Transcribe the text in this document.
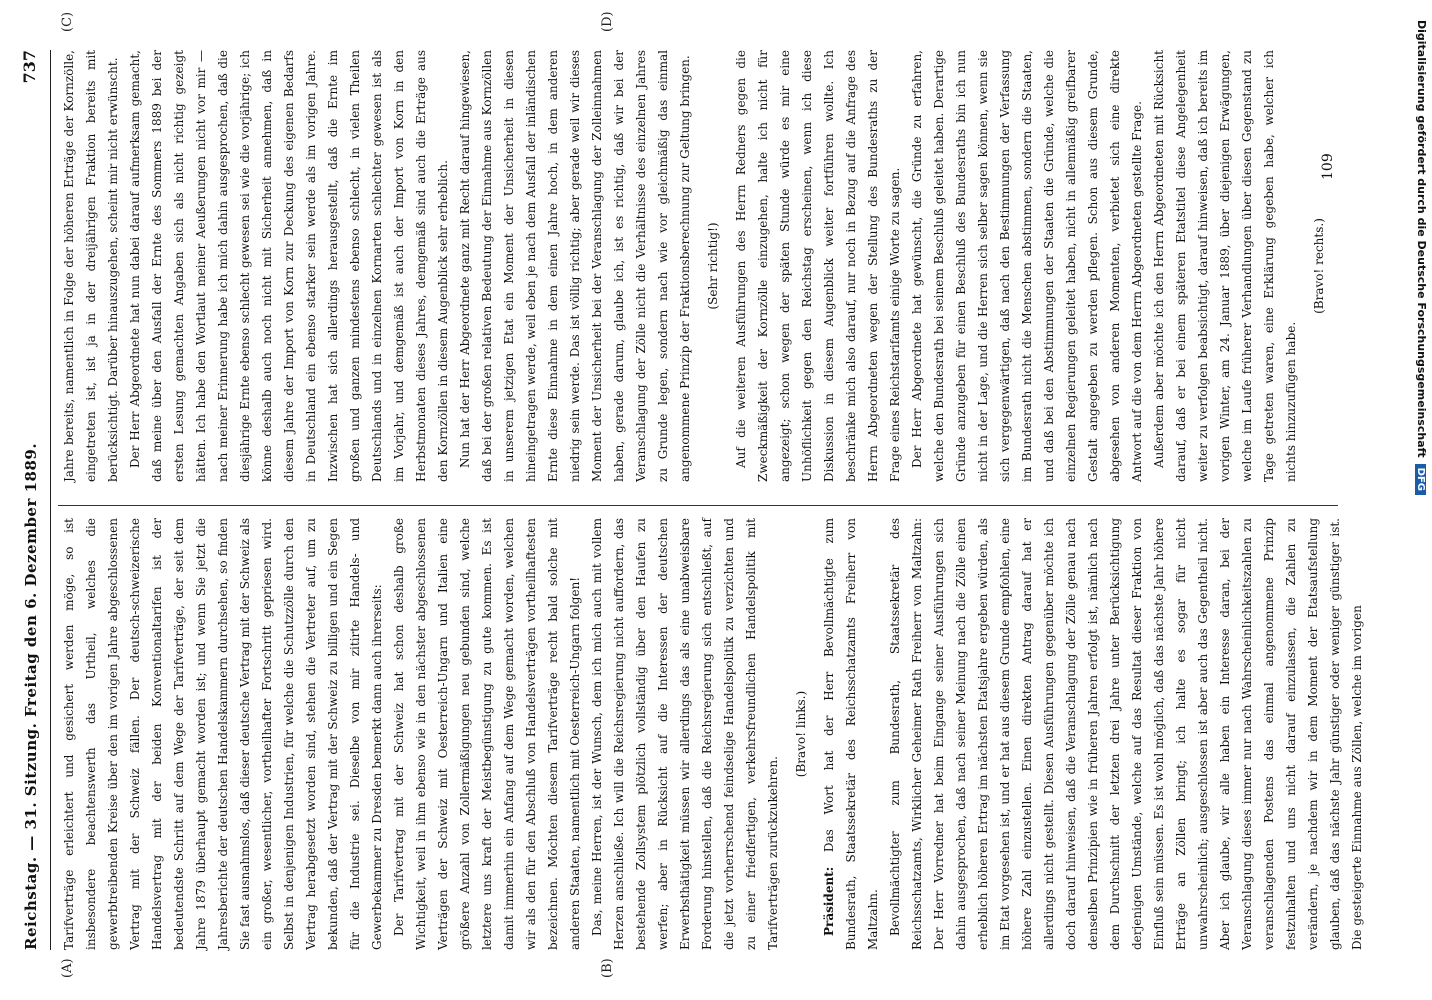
Reichstag. — 31. Sitzung. Freitag den 6. Dezember 1889.
737
(A)	(B)
(C)	(D)

Tarifverträge erleichtert und gesichert werden möge, so ist insbesondere beachtenswerth das Urtheil, welches die gewerbtreibenden Kreise über den im vorigen Jahre abgeschlossenen Vertrag mit der Schweiz fällen. Der deutsch-schweizerische Handelsvertrag mit der beiden Konventionaltarifen ist der bedeutendste Schritt auf dem Wege der Tarifverträge, der seit dem Jahre 1879 überhaupt gemacht worden ist; und wenn Sie jetzt die Jahresberichte der deutschen Handelskammern durchsehen, so finden Sie fast ausnahmslos, daß dieser deutsche Vertrag mit der Schweiz als ein großer, wesentlicher, vortheilhafter Fortschritt gepriesen wird. Selbst in denjenigen Industrien, für welche die Schutzzölle durch den Vertrag herabgesetzt worden sind, stehen die Vertreter auf, um zu bekunden, daß der Vertrag mit der Schweiz zu billigen und ein Segen für die Industrie sei. Dieselbe von mir zitirte Handels- und Gewerbekammer zu Dresden bemerkt dann auch ihrerseits: Der Tarifvertrag mit der Schweiz hat schon deshalb große Wichtigkeit, weil in ihm ebenso wie in den nächster abgeschlossenen Verträgen der Schweiz mit Oesterreich-Ungarn und Italien eine größere Anzahl von Zollermäßigungen neu gebunden sind, welche letztere uns kraft der Meistbegünstigung zu gute kommen. Es ist damit immerhin ein Anfang auf dem Wege gemacht worden, welchen wir als den für den Abschluß von Handelsverträgen vortheilhaftesten bezeichnen. Möchten diesem Tarifverträge recht bald solche mit anderen Staaten, namentlich mit Oesterreich-Ungarn folgen! Das, meine Herren, ist der Wunsch, dem ich mich auch mit vollem Herzen anschließe. Ich will die Reichsregierung nicht auffordern, das bestehende Zollsystem plötzlich vollständig über den Haufen zu werfen; aber in Rücksicht auf die Interessen der deutschen Erwerbsthätigkeit müssen wir allerdings das als eine unabweisbare Forderung hinstellen, daß die Reichsregierung sich entschließt, auf die jetzt vorherrschend feindselige Handelspolitik zu verzichten und zu einer friedfertigen, verkehrsfreundlichen Handelspolitik mit Tarifverträgen zurückzukehren.

(Bravo! links.)

Präsident: Das Wort hat der Herr Bevollmächtigte zum Bundesrath, Staatssekretär des Reichsschatzamts Freiherr von Maltzahn. Bevollmächtigter zum Bundesrath, Staatssekretär des Reichsschatzamts, Wirklicher Geheimer Rath Freiherr von Maltzahn: Der Herr Vorredner hat beim Eingange seiner Ausführungen sich dahin ausgesprochen, daß nach seiner Meinung nach die Zölle einen erheblich höheren Ertrag im nächsten Etatsjahre ergeben würden, als im Etat vorgesehen ist, und er hat aus diesem Grunde empfohlen, eine höhere Zahl einzustellen. Einen direkten Antrag darauf hat er allerdings nicht gestellt. Diesen Ausführungen gegenüber möchte ich doch darauf hinweisen, daß die Veranschlagung der Zölle genau nach denselben Prinzipien wie in früheren Jahren erfolgt ist, nämlich nach dem Durchschnitt der letzten drei Jahre unter Berücksichtigung derjenigen Umstände, welche auf das Resultat dieser Fraktion von Einfluß sein müssen. Es ist wohl möglich, daß das nächste Jahr höhere Erträge an Zöllen bringt; ich halte es sogar für nicht unwahrscheinlich; ausgeschlossen ist aber auch das Gegentheil nicht. Aber ich glaube, wir alle haben ein Interesse daran, bei der Veranschlagung dieses immer nur nach Wahrscheinlichkeitszahlen zu veranschlagenden Postens das einmal angenommene Prinzip festzuhalten und uns nicht darauf einzulassen, die Zahlen zu verändern, je nachdem wir in dem Moment der Etatsaufstellung glauben, daß das nächste Jahr günstiger oder weniger günstiger ist. Die gesteigerte Einnahme aus Zöllen, welche im vorigen

Jahre bereits, namentlich in Folge der höheren Erträge der Kornzölle, eingetreten ist, ist ja in der dreijährigen Fraktion bereits mit berücksichtigt. Darüber hinauszugehen, scheint mir nicht erwünscht. Der Herr Abgeordnete hat nun dabei darauf aufmerksam gemacht, daß meine über den Ausfall der Ernte des Sommers 1889 bei der ersten Lesung gemachten Angaben sich als nicht richtig gezeigt hätten. Ich habe den Wortlaut meiner Aeußerungen nicht vor mir — nach meiner Erinnerung habe ich mich dahin ausgesprochen, daß die diesjährige Ernte ebenso schlecht gewesen sei wie die vorjährige; ich könne deshalb auch noch nicht mit Sicherheit annehmen, daß in diesem Jahre der Import von Korn zur Deckung des eigenen Bedarfs in Deutschland ein ebenso starker sein werde als im vorigen Jahre. Inzwischen hat sich allerdings herausgestellt, daß die Ernte im großen und ganzen mindestens ebenso schlecht, in vielen Theilen Deutschlands und in einzelnen Kornarten schlechter gewesen ist als im Vorjahr, und demgemäß ist auch der Import von Korn in den Herbstmonaten dieses Jahres, demgemäß sind auch die Erträge aus den Kornzöllen in diesem Augenblick sehr erheblich. Nun hat der Herr Abgeordnete ganz mit Recht darauf hingewiesen, daß bei der großen relativen Bedeutung der Einnahme aus Kornzöllen in unserem jetzigen Etat ein Moment der Unsicherheit in diesen hineingetragen werde, weil eben je nach dem Ausfall der inländischen Ernte diese Einnahme in dem einen Jahre hoch, in dem anderen niedrig sein werde. Das ist völlig richtig; aber gerade weil wir dieses Moment der Unsicherheit bei der Veranschlagung der Zolleinnahmen haben, gerade darum, glaube ich, ist es richtig, daß wir bei der Veranschlagung der Zölle nicht die Verhältnisse des einzelnen Jahres zu Grunde legen, sondern nach wie vor gleichmäßig das einmal angenommene Prinzip der Fraktionsberechnung zur Geltung bringen.	(Sehr richtig!)	Auf die weiteren Ausführungen des Herrn Redners gegen die Zweckmäßigkeit der Kornzölle einzugehen, halte ich nicht für angezeigt; schon wegen der späten Stunde würde es mir eine Unhöflichkeit gegen den Reichstag erscheinen, wenn ich diese Diskussion in diesem Augenblick weiter fortführen wollte. Ich beschränke mich also darauf, nur noch in Bezug auf die Anfrage des Herrn Abgeordneten wegen der Stellung des Bundesraths zu der Frage eines Reichstarifamts einige Worte zu sagen. Der Herr Abgeordnete hat gewünscht, die Gründe zu erfahren, welche den Bundesrath bei seinem Beschluß geleitet haben. Derartige Gründe anzugeben für einen Beschluß des Bundesraths bin ich nun nicht in der Lage, und die Herren sich selber sagen können, wenn sie sich vergegenwärtigen, daß nach den Bestimmungen der Verfassung im Bundesrath nicht die Menschen abstimmen, sondern die Staaten, und daß bei den Abstimmungen der Staaten die Gründe, welche die einzelnen Regierungen geleitet haben, nicht in allemnäßig greifbarer Gestalt angegeben zu werden pflegen. Schon aus diesem Grunde, abgesehen von anderen Momenten, verbietet sich eine direkte Antwort auf die von dem Herrn Abgeordneten gestellte Frage. Außerdem aber möchte ich den Herrn Abgeordneten mit Rücksicht darauf, daß er bei einem späteren Etatstitel diese Angelegenheit weiter zu verfolgen beabsichtigt, darauf hinweisen, daß ich bereits im vorigen Winter, am 24. Januar 1889, über diejenigen Erwägungen, welche im Laufe früherer Verhandlungen über diesen Gegenstand zu Tage getreten waren, eine Erklärung gegeben habe, welcher ich nichts hinzuzufügen habe.

(Bravo! rechts.)

109	Digitalisierung gefördert durch die Deutsche ForschungsgemeinschaftDFG
